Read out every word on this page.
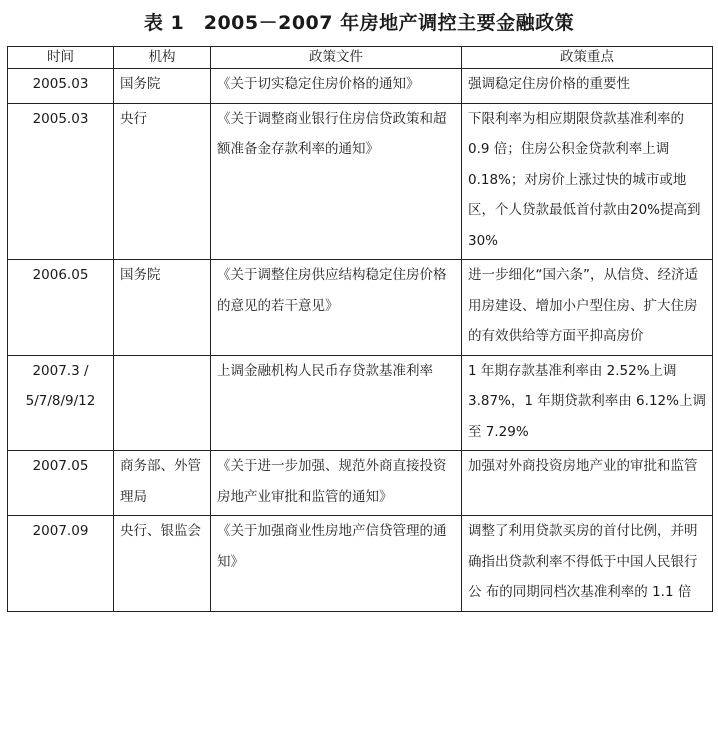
表 1　2005－2007 年房地产调控主要金融政策
时间	机构	政策文件	政策重点
2005.03	国务院	《关于切实稳定住房价格的通知》	强调稳定住房价格的重要性
2005.03	央行	《关于调整商业银行住房信贷政策和超额准备金存款利率的通知》	下限利率为相应期限贷款基准利率的 0.9 倍；住房公积金贷款利率上调 0.18%；对房价上涨过快的城市或地区，个人贷款最低首付款由20%提高到 30%
2006.05	国务院	《关于调整住房供应结构稳定住房价格的意见的若干意见》	进一步细化“国六条”，从信贷、经济适用房建设、增加小户型住房、扩大住房的有效供给等方面平抑高房价
2007.3 / 5/7/8/9/12		上调金融机构人民币存贷款基准利率	1 年期存款基准利率由 2.52%上调3.87%，1 年期贷款利率由 6.12%上调至 7.29%
2007.05	商务部、外管理局	《关于进一步加强、规范外商直接投资房地产业审批和监管的通知》	加强对外商投资房地产业的审批和监管
2007.09	央行、银监会	《关于加强商业性房地产信贷管理的通知》	调整了利用贷款买房的首付比例，并明确指出贷款利率不得低于中国人民银行公 布的同期同档次基准利率的 1.1 倍
